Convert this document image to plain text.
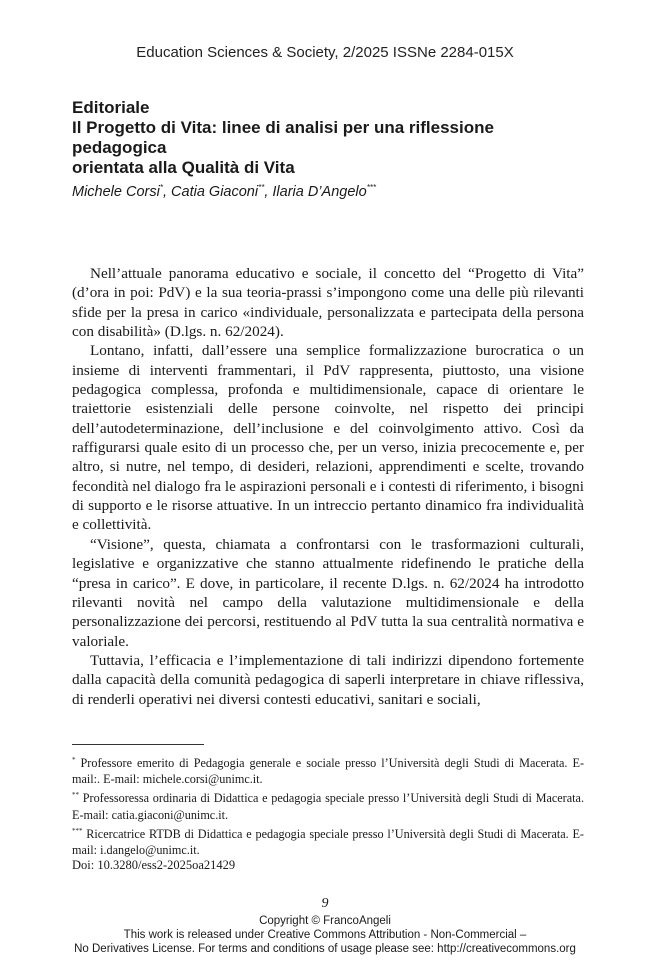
Education Sciences & Society, 2/2025 ISSNe 2284-015X
Editoriale
Il Progetto di Vita: linee di analisi per una riflessione pedagogica
orientata alla Qualità di Vita
Michele Corsi*, Catia Giaconi**, Ilaria D’Angelo***

Nell’attuale panorama educativo e sociale, il concetto del “Progetto di Vita” (d’ora in poi: PdV) e la sua teoria-prassi s’impongono come una delle più rilevanti sfide per la presa in carico «individuale, personalizzata e partecipata della persona con disabilità» (D.lgs. n. 62/2024).

Lontano, infatti, dall’essere una semplice formalizzazione burocratica o un insieme di interventi frammentari, il PdV rappresenta, piuttosto, una visione pedagogica complessa, profonda e multidimensionale, capace di orientare le traiettorie esistenziali delle persone coinvolte, nel rispetto dei principi dell’autodeterminazione, dell’inclusione e del coinvolgimento attivo. Così da raffigurarsi quale esito di un processo che, per un verso, inizia precocemente e, per altro, si nutre, nel tempo, di desideri, relazioni, apprendimenti e scelte, trovando fecondità nel dialogo fra le aspirazioni personali e i contesti di riferimento, i bisogni di supporto e le risorse attuative. In un intreccio pertanto dinamico fra individualità e collettività.

“Visione”, questa, chiamata a confrontarsi con le trasformazioni culturali, legislative e organizzative che stanno attualmente ridefinendo le pratiche della “presa in carico”. E dove, in particolare, il recente D.lgs. n. 62/2024 ha introdotto rilevanti novità nel campo della valutazione multidimensionale e della personalizzazione dei percorsi, restituendo al PdV tutta la sua centralità normativa e valoriale.

Tuttavia, l’efficacia e l’implementazione di tali indirizzi dipendono fortemente dalla capacità della comunità pedagogica di saperli interpretare in chiave riflessiva, di renderli operativi nei diversi contesti educativi, sanitari e sociali,

* Professore emerito di Pedagogia generale e sociale presso l’Università degli Studi di Macerata. E-mail:. E-mail: michele.corsi@unimc.it.

** Professoressa ordinaria di Didattica e pedagogia speciale presso l’Università degli Studi di Macerata. E-mail: catia.giaconi@unimc.it.

*** Ricercatrice RTDB di Didattica e pedagogia speciale presso l’Università degli Studi di Macerata. E-mail: i.dangelo@unimc.it.

Doi: 10.3280/ess2-2025oa21429
9
Copyright © FrancoAngeli
This work is released under Creative Commons Attribution - Non-Commercial –
No Derivatives License. For terms and conditions of usage please see: http://creativecommons.org
